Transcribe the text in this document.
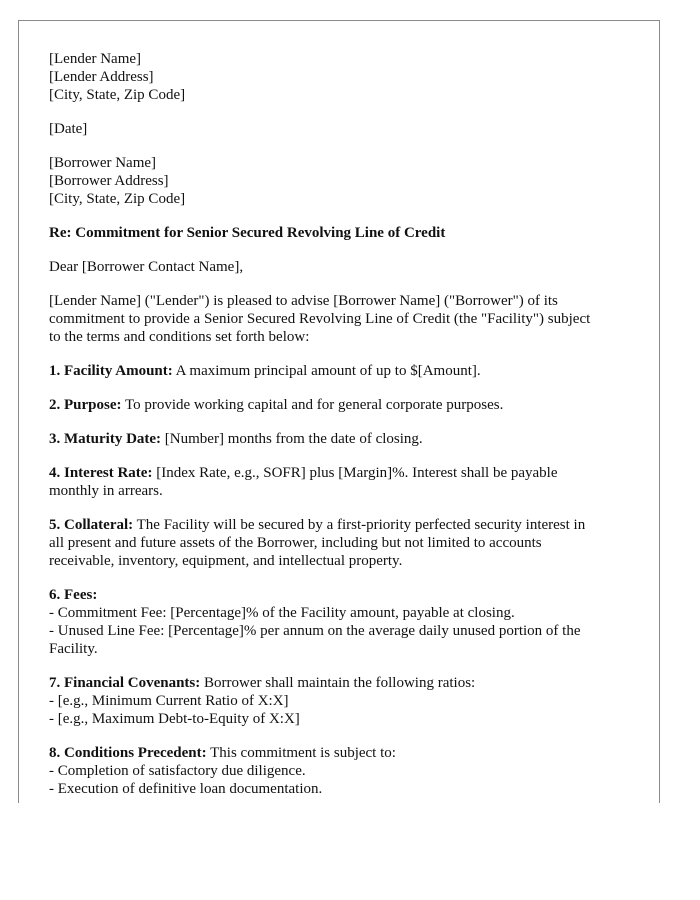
[Lender Name]
[Lender Address]
[City, State, Zip Code]
[Date]
[Borrower Name]
[Borrower Address]
[City, State, Zip Code]
Re: Commitment for Senior Secured Revolving Line of Credit
Dear [Borrower Contact Name],
[Lender Name] ("Lender") is pleased to advise [Borrower Name] ("Borrower") of its
commitment to provide a Senior Secured Revolving Line of Credit (the "Facility") subject
to the terms and conditions set forth below:
1. Facility Amount: A maximum principal amount of up to $[Amount].
2. Purpose: To provide working capital and for general corporate purposes.
3. Maturity Date: [Number] months from the date of closing.
4. Interest Rate: [Index Rate, e.g., SOFR] plus [Margin]%. Interest shall be payable
monthly in arrears.
5. Collateral: The Facility will be secured by a first-priority perfected security interest in
all present and future assets of the Borrower, including but not limited to accounts
receivable, inventory, equipment, and intellectual property.
6. Fees:
- Commitment Fee: [Percentage]% of the Facility amount, payable at closing.
- Unused Line Fee: [Percentage]% per annum on the average daily unused portion of the
Facility.
7. Financial Covenants: Borrower shall maintain the following ratios:
- [e.g., Minimum Current Ratio of X:X]
- [e.g., Maximum Debt-to-Equity of X:X]
8. Conditions Precedent: This commitment is subject to:
- Completion of satisfactory due diligence.
- Execution of definitive loan documentation.
